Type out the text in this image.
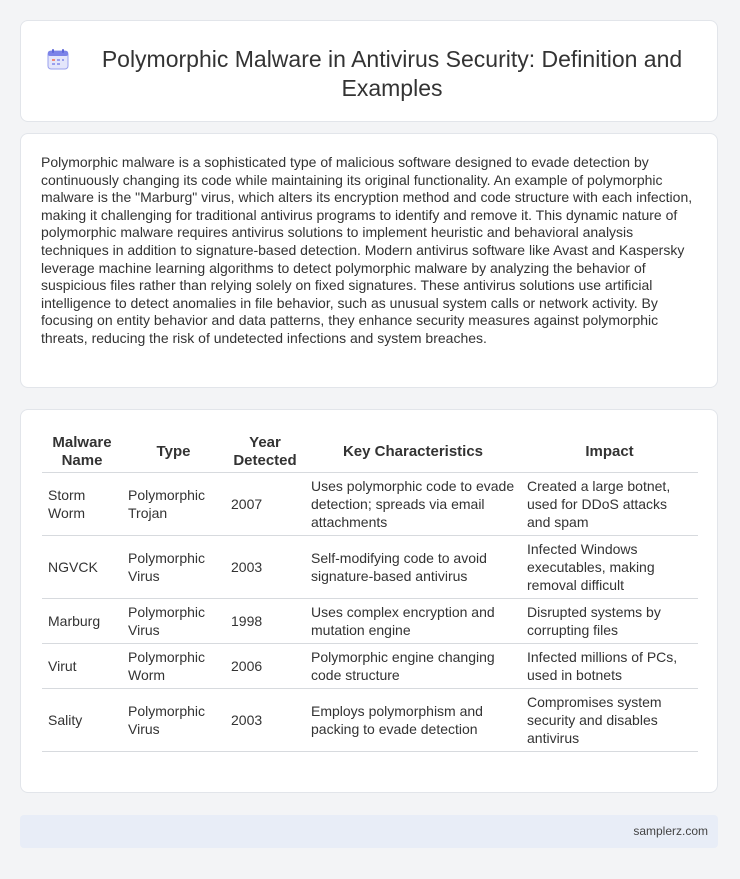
Polymorphic Malware in Antivirus Security: Definition and Examples

Polymorphic malware is a sophisticated type of malicious software designed to evade detection by continuously changing its code while maintaining its original functionality. An example of polymorphic malware is the "Marburg" virus, which alters its encryption method and code structure with each infection, making it challenging for traditional antivirus programs to identify and remove it. This dynamic nature of polymorphic malware requires antivirus solutions to implement heuristic and behavioral analysis techniques in addition to signature-based detection. Modern antivirus software like Avast and Kaspersky leverage machine learning algorithms to detect polymorphic malware by analyzing the behavior of suspicious files rather than relying solely on fixed signatures. These antivirus solutions use artificial intelligence to detect anomalies in file behavior, such as unusual system calls or network activity. By focusing on entity behavior and data patterns, they enhance security measures against polymorphic threats, reducing the risk of undetected infections and system breaches.

Malware Name	Type	Year Detected	Key Characteristics	Impact
Storm Worm	Polymorphic Trojan	2007	Uses polymorphic code to evade detection; spreads via email attachments	Created a large botnet, used for DDoS attacks and spam
NGVCK	Polymorphic Virus	2003	Self-modifying code to avoid signature-based antivirus	Infected Windows executables, making removal difficult
Marburg	Polymorphic Virus	1998	Uses complex encryption and mutation engine	Disrupted systems by corrupting files
Virut	Polymorphic Worm	2006	Polymorphic engine changing code structure	Infected millions of PCs, used in botnets
Sality	Polymorphic Virus	2003	Employs polymorphism and packing to evade detection	Compromises system security and disables antivirus
samplerz.com
